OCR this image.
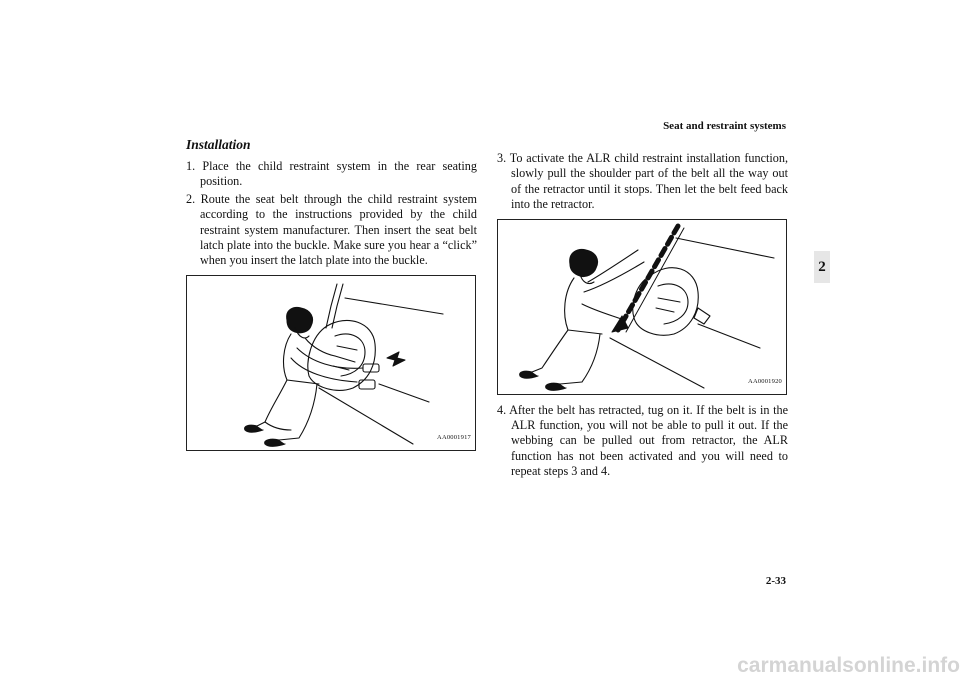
Seat and restraint systems
2
Installation

1. Place the child restraint system in the rear seating position.

2. Route the seat belt through the child restraint system according to the instructions provided by the child restraint system manufacturer. Then insert the seat belt latch plate into the buckle. Make sure you hear a “click” when you insert the latch plate into the buckle.

AA0001917

3. To activate the ALR child restraint installation function, slowly pull the shoulder part of the belt all the way out of the retractor until it stops. Then let the belt feed back into the retractor.

AA0001920

4. After the belt has retracted, tug on it. If the belt is in the ALR function, you will not be able to pull it out. If the webbing can be pulled out from retractor, the ALR function has not been activated and you will need to repeat steps 3 and 4.

2-33
carmanualsonline.info
